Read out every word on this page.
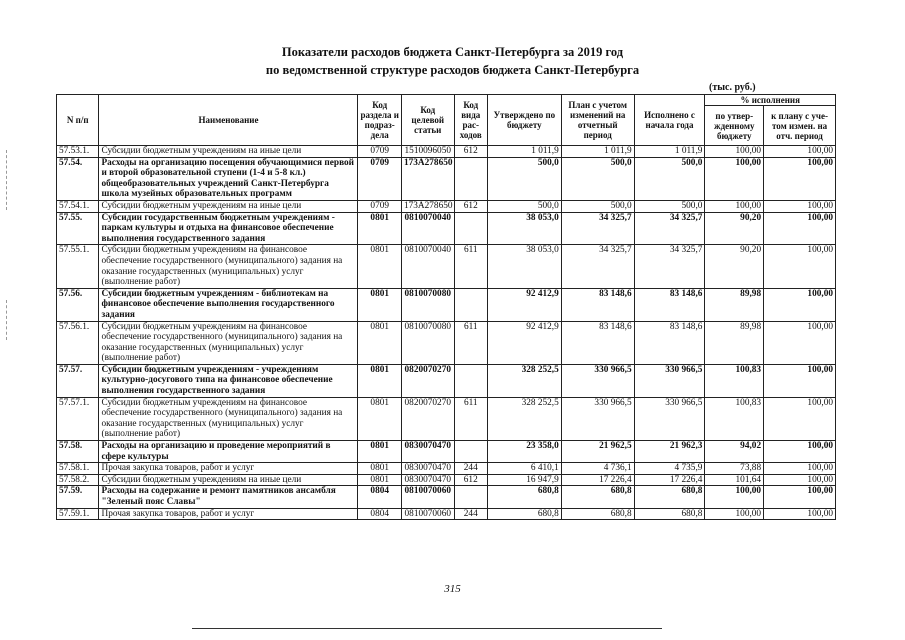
Показатели расходов бюджета Санкт-Петербурга за 2019 год
по ведомственной структуре расходов бюджета Санкт-Петербурга
(тыс. руб.)
N п/п	Наименование	Код раздела и подраз-дела	Код целевой статьи	Код вида рас-ходов	Утверждено по бюджету	План с учетом изменений на отчетный период	Исполнено с начала года	% исполнения	
								по утвер-жденному бюджету	к плану с уче-том измен. на отч. период
57.53.1.	Субсидии бюджетным учреждениям на иные цели	0709	1510096050	612	1 011,9	1 011,9	1 011,9	100,00	100,00
57.54.	Расходы на организацию посещения обучающимися первой и второй образовательной ступени (1-4 и 5-8 кл.) общеобразовательных учреждений Санкт-Петербурга школа музейных образовательных программ	0709	173A278650		500,0	500,0	500,0	100,00	100,00
57.54.1.	Субсидии бюджетным учреждениям на иные цели	0709	173A278650	612	500,0	500,0	500,0	100,00	100,00
57.55.	Субсидии государственным бюджетным учреждениям - паркам культуры и отдыха на финансовое обеспечение выполнения государственного задания	0801	0810070040		38 053,0	34 325,7	34 325,7	90,20	100,00
57.55.1.	Субсидии бюджетным учреждениям на финансовое обеспечение государственного (муниципального) задания на оказание государственных (муниципальных) услуг (выполнение работ)	0801	0810070040	611	38 053,0	34 325,7	34 325,7	90,20	100,00
57.56.	Субсидии бюджетным учреждениям - библиотекам на финансовое обеспечение выполнения государственного задания	0801	0810070080		92 412,9	83 148,6	83 148,6	89,98	100,00
57.56.1.	Субсидии бюджетным учреждениям на финансовое обеспечение государственного (муниципального) задания на оказание государственных (муниципальных) услуг (выполнение работ)	0801	0810070080	611	92 412,9	83 148,6	83 148,6	89,98	100,00
57.57.	Субсидии бюджетным учреждениям - учреждениям культурно-досугового типа на финансовое обеспечение выполнения государственного задания	0801	0820070270		328 252,5	330 966,5	330 966,5	100,83	100,00
57.57.1.	Субсидии бюджетным учреждениям на финансовое обеспечение государственного (муниципального) задания на оказание государственных (муниципальных) услуг (выполнение работ)	0801	0820070270	611	328 252,5	330 966,5	330 966,5	100,83	100,00
57.58.	Расходы на организацию и проведение мероприятий в сфере культуры	0801	0830070470		23 358,0	21 962,5	21 962,3	94,02	100,00
57.58.1.	Прочая закупка товаров, работ и услуг	0801	0830070470	244	6 410,1	4 736,1	4 735,9	73,88	100,00
57.58.2.	Субсидии бюджетным учреждениям на иные цели	0801	0830070470	612	16 947,9	17 226,4	17 226,4	101,64	100,00
57.59.	Расходы на содержание и ремонт памятников ансамбля "Зеленый пояс Славы"	0804	0810070060		680,8	680,8	680,8	100,00	100,00
57.59.1.	Прочая закупка товаров, работ и услуг	0804	0810070060	244	680,8	680,8	680,8	100,00	100,00
315
